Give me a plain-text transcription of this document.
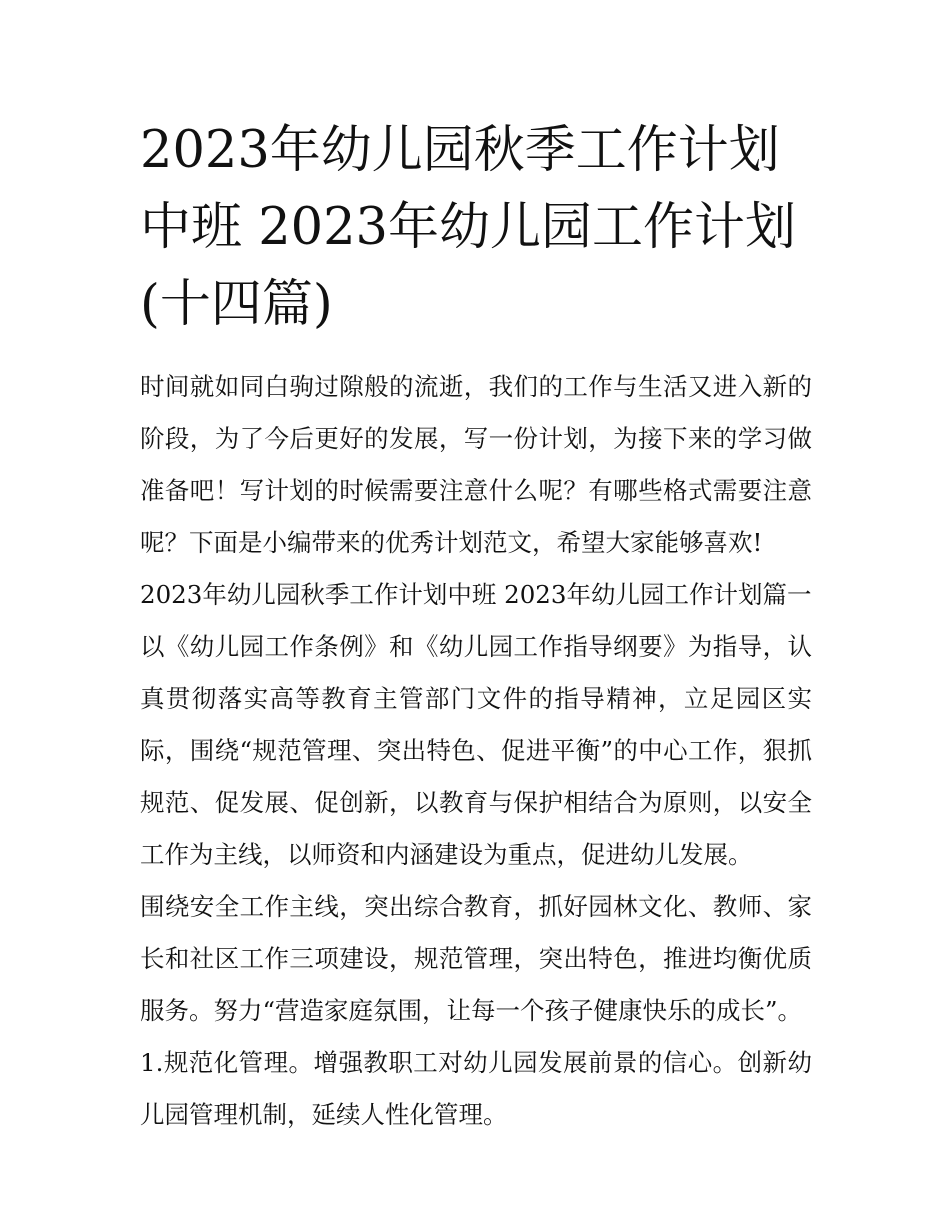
2023年幼儿园秋季工作计划中班 2023年幼儿园工作计划(十四篇)

时间就如同白驹过隙般的流逝，我们的工作与生活又进入新的阶段，为了今后更好的发展，写一份计划，为接下来的学习做准备吧！写计划的时候需要注意什么呢？有哪些格式需要注意呢？下面是小编带来的优秀计划范文，希望大家能够喜欢!

2023年幼儿园秋季工作计划中班 2023年幼儿园工作计划篇一

以《幼儿园工作条例》和《幼儿园工作指导纲要》为指导，认真贯彻落实高等教育主管部门文件的指导精神，立足园区实际，围绕“规范管理、突出特色、促进平衡”的中心工作，狠抓规范、促发展、促创新，以教育与保护相结合为原则，以安全工作为主线，以师资和内涵建设为重点，促进幼儿发展。

围绕安全工作主线，突出综合教育，抓好园林文化、教师、家长和社区工作三项建设，规范管理，突出特色，推进均衡优质服务。努力“营造家庭氛围，让每一个孩子健康快乐的成长”。

1.规范化管理。增强教职工对幼儿园发展前景的信心。创新幼儿园管理机制，延续人性化管理。
